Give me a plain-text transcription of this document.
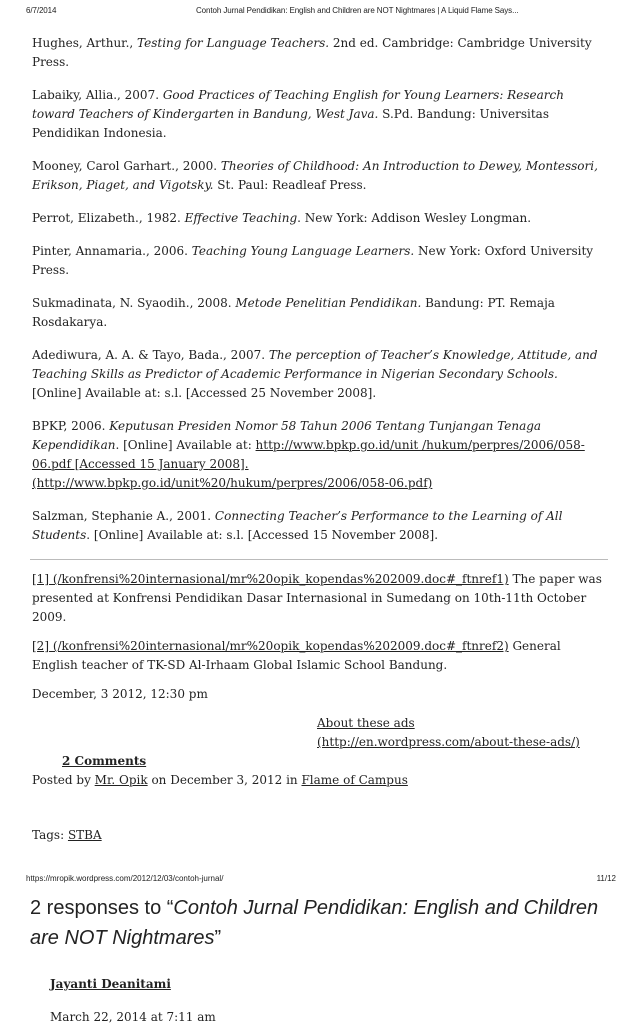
6/7/2014	Contoh Jurnal Pendidikan: English and Children are NOT Nightmares | A Liquid Flame Says...

Hughes, Arthur., Testing for Language Teachers. 2nd ed. Cambridge: Cambridge University Press.

Labaiky, Allia., 2007. Good Practices of Teaching English for Young Learners: Research toward Teachers of Kindergarten in Bandung, West Java. S.Pd. Bandung: Universitas Pendidikan Indonesia.

Mooney, Carol Garhart., 2000. Theories of Childhood: An Introduction to Dewey, Montessori, Erikson, Piaget, and Vigotsky. St. Paul: Readleaf Press.

Perrot, Elizabeth., 1982. Effective Teaching. New York: Addison Wesley Longman.

Pinter, Annamaria., 2006. Teaching Young Language Learners. New York: Oxford University Press.

Sukmadinata, N. Syaodih., 2008. Metode Penelitian Pendidikan. Bandung: PT. Remaja Rosdakarya.

Adediwura, A. A. & Tayo, Bada., 2007. The perception of Teacher’s Knowledge, Attitude, and Teaching Skills as Predictor of Academic Performance in Nigerian Secondary Schools. [Online] Available at: s.l. [Accessed 25 November 2008].

BPKP, 2006. Keputusan Presiden Nomor 58 Tahun 2006 Tentang Tunjangan Tenaga Kependidikan. [Online] Available at: http://www.bpkp.go.id/unit /hukum/perpres/2006/058-06.pdf [Accessed 15 January 2008]. (http://www.bpkp.go.id/unit%20/hukum/perpres/2006/058-06.pdf)

Salzman, Stephanie A., 2001. Connecting Teacher’s Performance to the Learning of All Students. [Online] Available at: s.l. [Accessed 15 November 2008].

[1] (/konfrensi%20internasional/mr%20opik_kopendas%202009.doc#_ftnref1) The paper was presented at Konfrensi Pendidikan Dasar Internasional in Sumedang on 10th-11th October 2009.

[2] (/konfrensi%20internasional/mr%20opik_kopendas%202009.doc#_ftnref2) General English teacher of TK-SD Al-Irhaam Global Islamic School Bandung.

December, 3 2012, 12:30 pm

About these ads (http://en.wordpress.com/about-these-ads/)
2 Comments
Posted by Mr. Opik on December 3, 2012 in Flame of Campus
Tags: STBA
2 responses to “Contoh Jurnal Pendidikan: English and Children are NOT Nightmares”
Jayanti Deanitami
March 22, 2014 at 7:11 am
https://mropik.wordpress.com/2012/12/03/contoh-jurnal/	11/12
